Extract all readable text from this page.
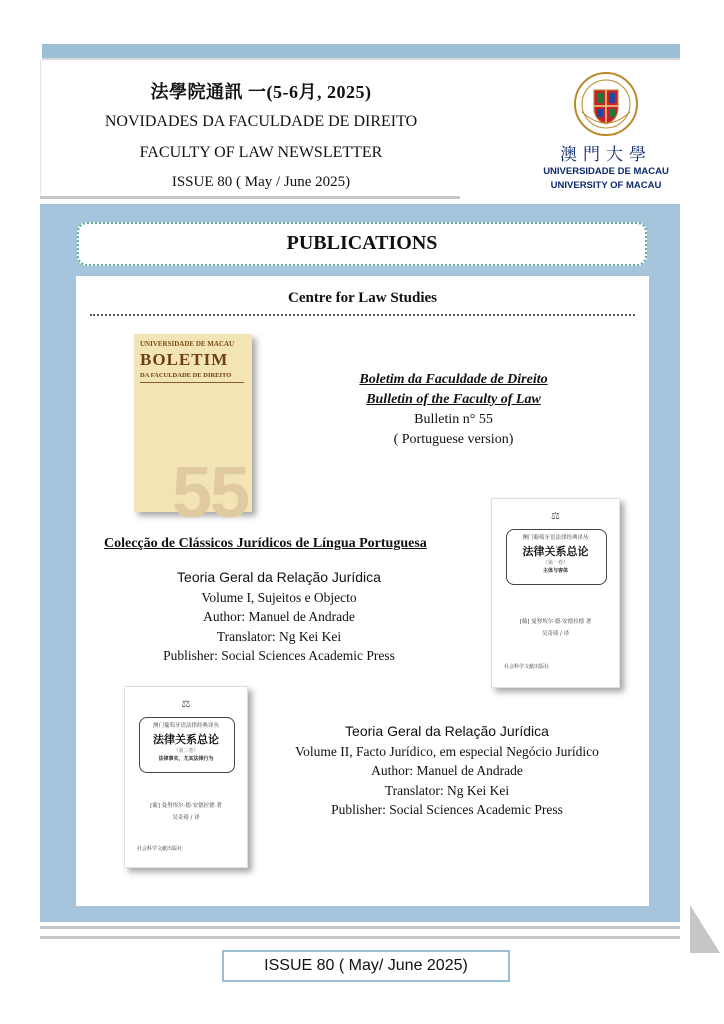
法學院通訊 一(5-6月, 2025)
NOVIDADES DA FACULDADE DE DIREITO
FACULTY OF LAW NEWSLETTER
ISSUE 80 ( May / June 2025)
澳門大學
UNIVERSIDADE DE MACAU
UNIVERSITY OF MACAU
PUBLICATIONS
Centre for Law Studies
UNIVERSIDADE DE MACAU
BOLETIM
DA FACULDADE DE DIREITO
55
Boletim da Faculdade de Direito
Bulletin of the Faculty of Law
Bulletin n° 55
( Portuguese version)
Colecção de Clássicos Jurídicos de Língua Portuguesa
Teoria Geral da Relação Jurídica
Volume I, Sujeitos e Objecto
Author: Manuel de Andrade
Translator: Ng Kei Kei
Publisher: Social Sciences Academic Press
⚖
澳门葡萄牙语法律经典译丛
法律关系总论
（第一卷）
主体与客体
[葡] 曼努埃尔·德·安德拉德 著
吴奇琦 / 译
社会科学文献出版社
⚖
澳门葡萄牙语法律经典译丛
法律关系总论
（第二卷）
法律事实，尤其法律行为
[葡] 曼努埃尔·德·安德拉德 著
吴奇琦 / 译
社会科学文献出版社
Teoria Geral da Relação Jurídica
Volume II, Facto Jurídico, em especial Negócio Jurídico
Author: Manuel de Andrade
Translator: Ng Kei Kei
Publisher: Social Sciences Academic Press
ISSUE 80 ( May/ June 2025)
